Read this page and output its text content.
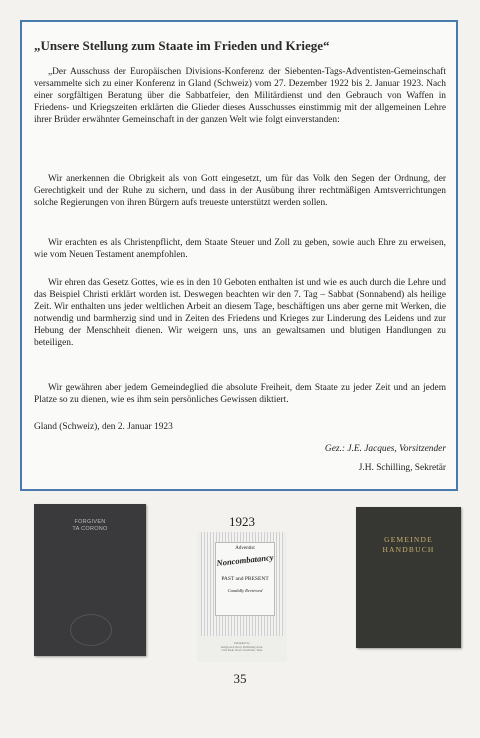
„Unsere Stellung zum Staate im Frieden und Kriege“

„Der Ausschuss der Europäischen Divisions-Konferenz der Siebenten-Tags-Adventisten-Gemeinschaft versammelte sich zu einer Konferenz in Gland (Schweiz) vom 27. Dezember 1922 bis 2. Januar 1923. Nach einer sorgfältigen Beratung über die Sabbatfeier, den Militärdienst und den Gebrauch von Waffen in Friedens- und Kriegszeiten erklärten die Glieder dieses Ausschusses einstimmig mit der allgemeinen Lehre ihrer Brüder erwähnter Gemeinschaft in der ganzen Welt wie folgt einverstanden:

Wir anerkennen die Obrigkeit als von Gott eingesetzt, um für das Volk den Segen der Ordnung, der Gerechtigkeit und der Ruhe zu sichern, und dass in der Ausübung ihrer rechtmäßigen Amtsverrichtungen solche Regierungen von ihren Bürgern aufs treueste unterstützt werden sollen.

Wir erachten es als Christenpflicht, dem Staate Steuer und Zoll zu geben, sowie auch Ehre zu erweisen, wie vom Neuen Testament anempfohlen.

Wir ehren das Gesetz Gottes, wie es in den 10 Geboten enthalten ist und wie es auch durch die Lehre und das Beispiel Christi erklärt worden ist. Deswegen beachten wir den 7. Tag – Sabbat (Sonnabend) als heilige Zeit. Wir enthalten uns jeder weltlichen Arbeit an diesem Tage, beschäftigen uns aber gerne mit Werken, die notwendig und barmherzig sind und in Zeiten des Friedens und Krieges zur Linderung des Leidens und zur Hebung der Menschheit dienen. Wir weigern uns, uns an gewaltsamen und blutigen Handlungen zu beteiligen.

Wir gewähren aber jedem Gemeindeglied die absolute Freiheit, dem Staate zu jeder Zeit und an jedem Platze so zu dienen, wie es ihm sein persönliches Gewissen diktiert.

Gland (Schweiz), den 2. Januar 1923
Gez.: J.E. Jacques, Vorsitzender
J.H. Schilling, Sekretär
FORGIVEN
TA CORONO	1923
Adventist
Noncombatancy
PAST and PRESENT
Candidly Reviewed
Published by
Religious Liberty Publishing Assn.
1104 Main Street, Nashville, Tenn.
GEMEINDE
HANDBUCH
35
